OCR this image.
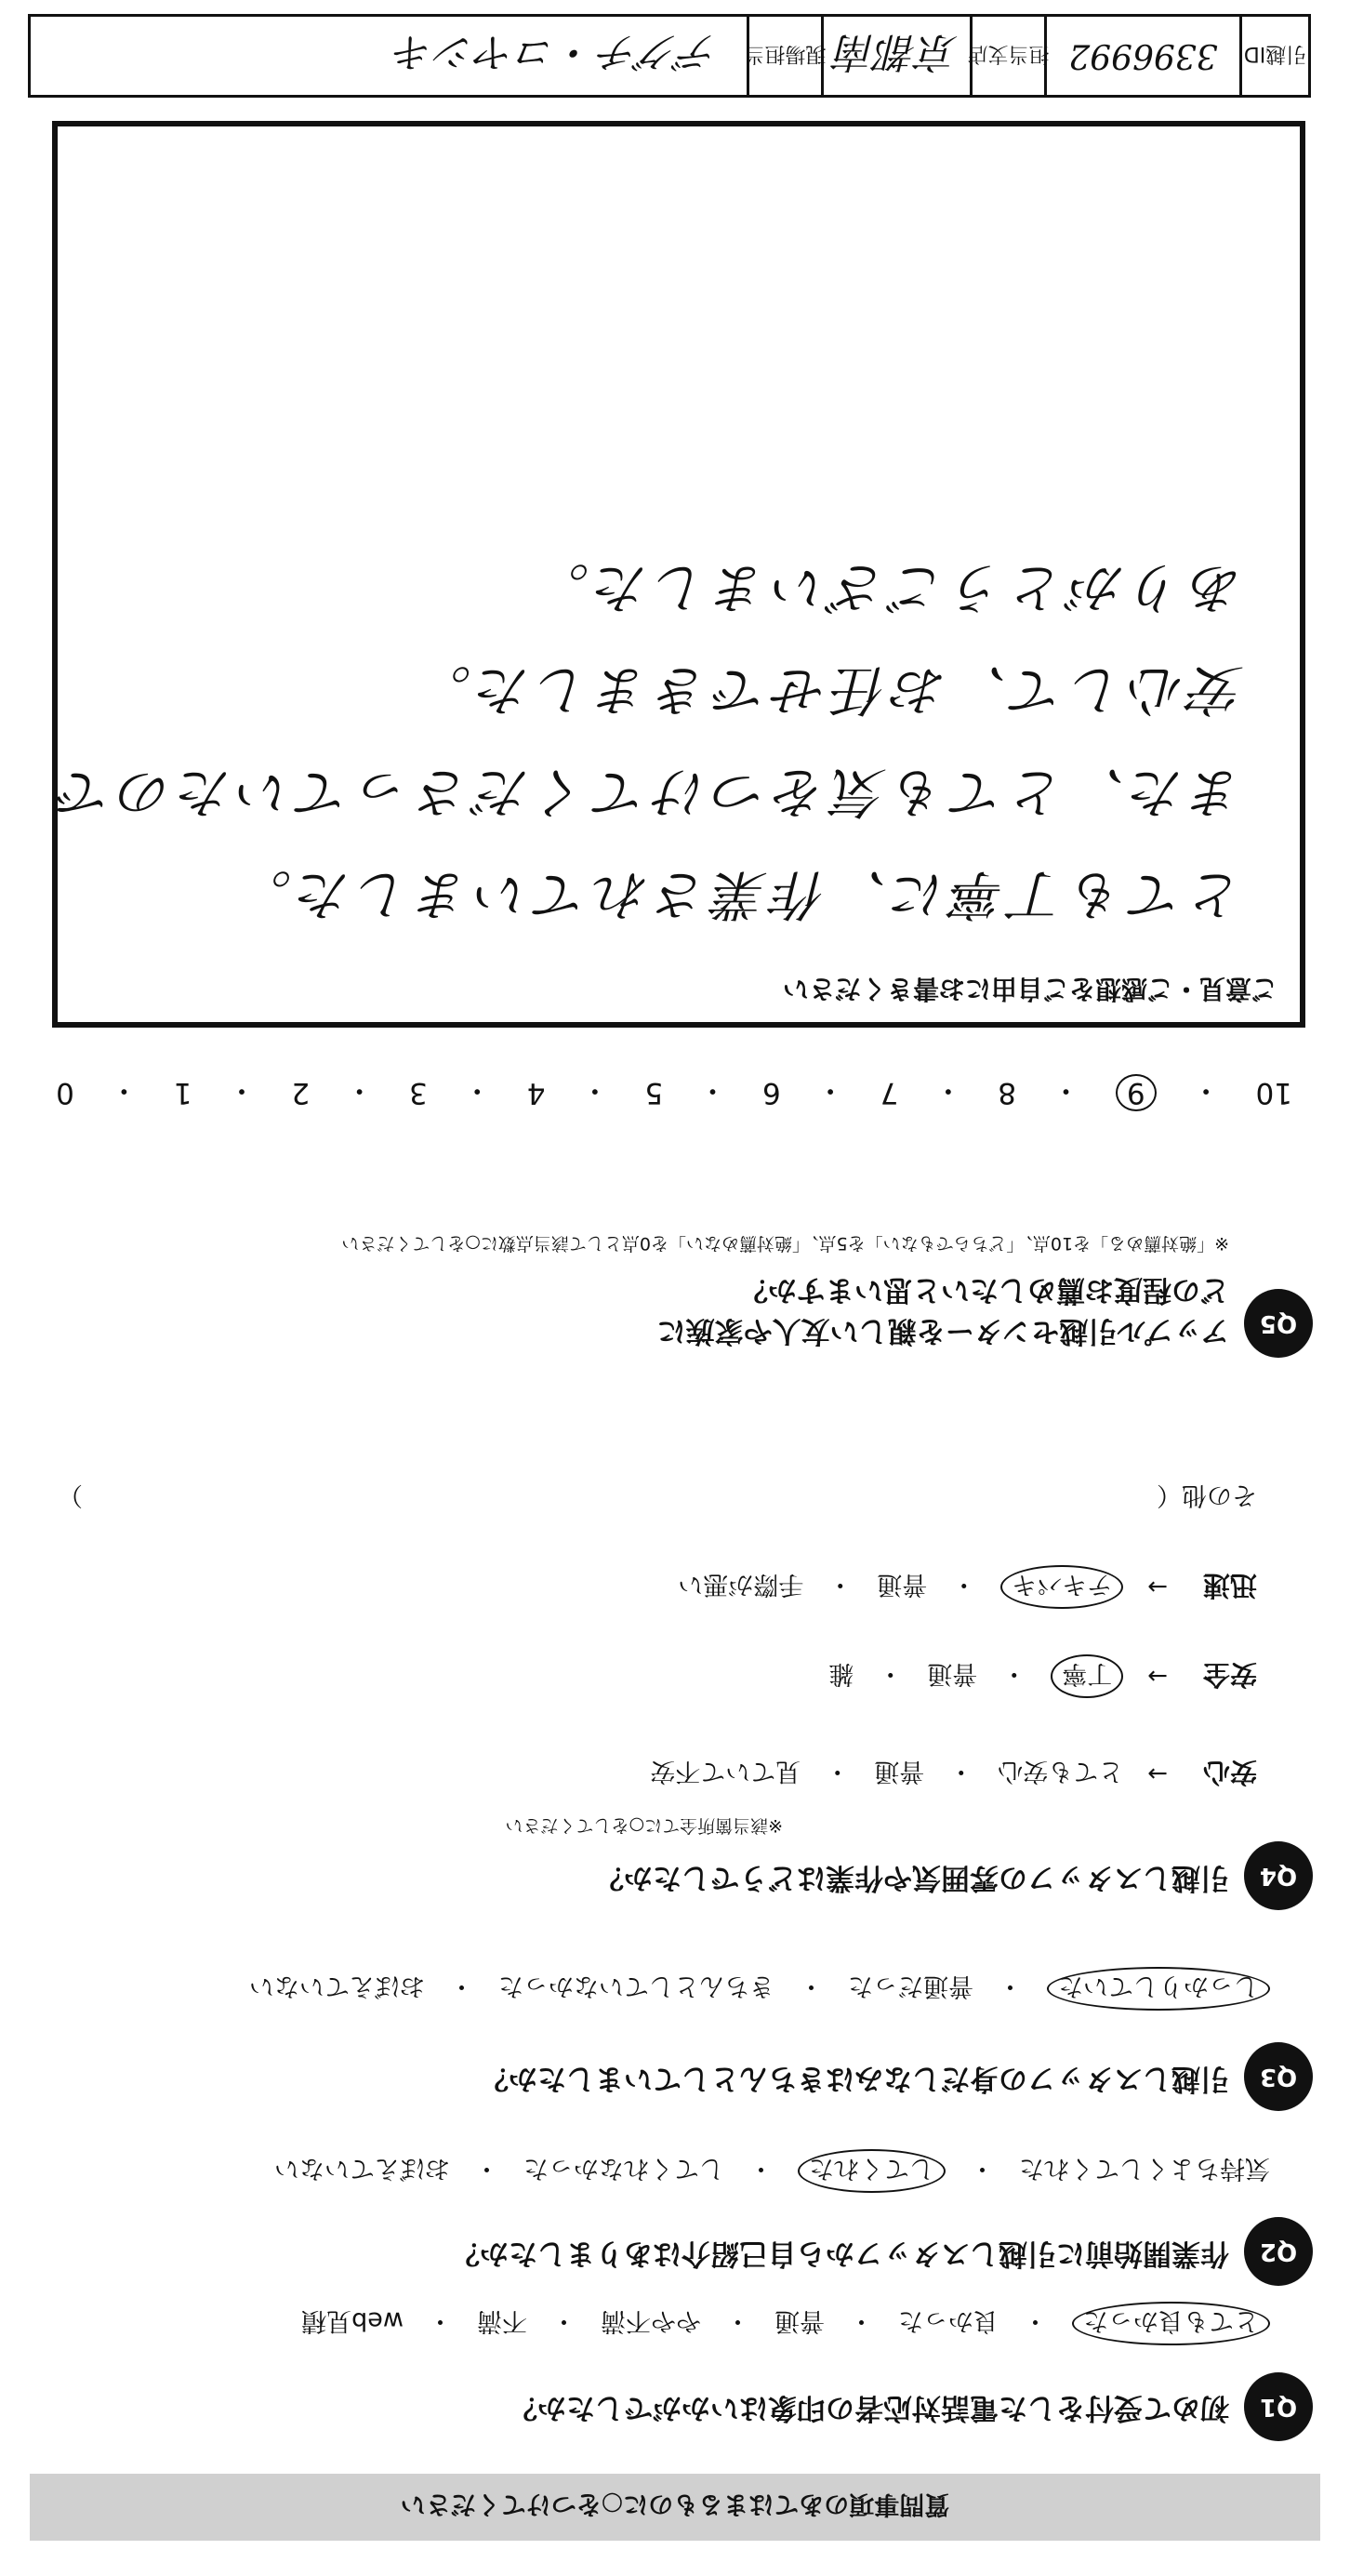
質問事項のあてはまるものに○をつけてください
Q1
初めて受付をした電話対応者の印象はいかがでしたか？
とても良かった
・
良かった
・
普通
・
やや不満
・
不満
・
web見積
Q2
作業開始前に引越しスタッフから自己紹介はありましたか？
気持ちよくしてくれた
・
してくれた
・
してくれなかった
・
おぼえていない
Q3
引越しスタッフの身だしなみはきちんとしていましたか？
しっかりしていた
・
普通だった
・
きちんとしていなかった
・
おぼえていない
Q4
引越しスタッフの雰囲気や作業はどうでしたか？
※該当箇所全てに○をしてください
安心
→
とても安心
・
普通
・
見ていて不安
安全
→
丁寧
・
普通
・
雑
迅速
→
テキパキ
・
普通
・
手際が悪い
その他（
）
Q5
アップル引越センターを親しい友人や家族に
どの程度お薦めしたいと思いますか？
※「絶対薦める」を10点、「どちらでもない」を5点、「絶対薦めない」を0点として該当点数に○をしてください
10
・
9
・
8
・
7
・
6
・
5
・
4
・
3
・
2
・
1
・
0
ご意見・ご感想をご自由にお書きください
とても丁寧に、作業されていました。
また、とても気をつけてくださっていたので
安心して、お任せできました。
ありがとうございました。
引越ID
3396992
担当支店
京都南
現場担当
デグチ・コヤシキ
